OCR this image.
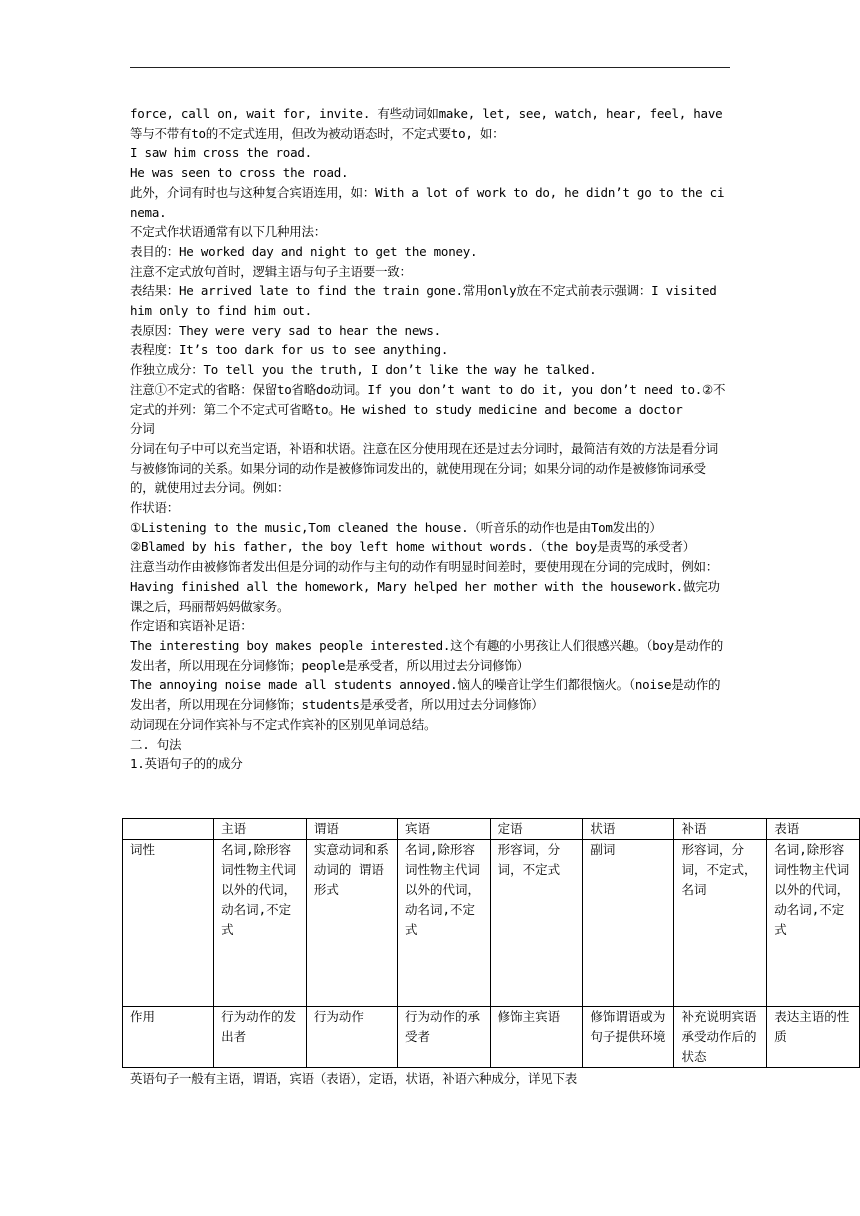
force, call on, wait for, invite. 有些动词如make, let, see, watch, hear, feel, have等与不带有to的不定式连用，但改为被动语态时，不定式要to, 如：

I saw him cross the road.

He was seen to cross the road.

此外，介词有时也与这种复合宾语连用，如：With a lot of work to do, he didn’t go to the cinema.

不定式作状语通常有以下几种用法：

表目的：He worked day and night to get the money.

注意不定式放句首时，逻辑主语与句子主语要一致：

表结果：He arrived late to find the train gone.常用only放在不定式前表示强调：I visited him only to find him out.

表原因：They were very sad to hear the news.

表程度：It’s too dark for us to see anything.

作独立成分：To tell you the truth, I don’t like the way he talked.

注意①不定式的省略：保留to省略do动词。If you don’t want to do it, you don’t need to.②不定式的并列：第二个不定式可省略to。He wished to study medicine and become a doctor

分词

分词在句子中可以充当定语，补语和状语。注意在区分使用现在还是过去分词时，最简洁有效的方法是看分词与被修饰词的关系。如果分词的动作是被修饰词发出的，就使用现在分词；如果分词的动作是被修饰词承受的，就使用过去分词。例如：

作状语：

①Listening to the music,Tom cleaned the house.（听音乐的动作也是由Tom发出的）

②Blamed by his father, the boy left home without words.（the boy是责骂的承受者）

注意当动作由被修饰者发出但是分词的动作与主句的动作有明显时间差时，要使用现在分词的完成时，例如：

Having finished all the homework, Mary helped her mother with the housework.做完功课之后，玛丽帮妈妈做家务。

作定语和宾语补足语：

The interesting boy makes people interested.这个有趣的小男孩让人们很感兴趣。（boy是动作的发出者，所以用现在分词修饰；people是承受者，所以用过去分词修饰）

The annoying noise made all students annoyed.恼人的噪音让学生们都很恼火。（noise是动作的发出者，所以用现在分词修饰；students是承受者，所以用过去分词修饰）

动词现在分词作宾补与不定式作宾补的区别见单词总结。

二. 句法

1.英语句子的的成分

	主语	谓语	宾语	定语	状语	补语	表语
词性	名词,除形容词性物主代词以外的代词，动名词,不定式	实意动词和系动词的 谓语形式	名词,除形容词性物主代词以外的代词，动名词,不定式	形容词，分词，不定式	副词	形容词，分词，不定式，名词	名词,除形容词性物主代词以外的代词，动名词,不定式
作用	行为动作的发出者	行为动作	行为动作的承受者	修饰主宾语	修饰谓语或为句子提供环境	补充说明宾语承受动作后的状态	表达主语的性质

英语句子一般有主语，谓语，宾语（表语），定语，状语，补语六种成分，详见下表
